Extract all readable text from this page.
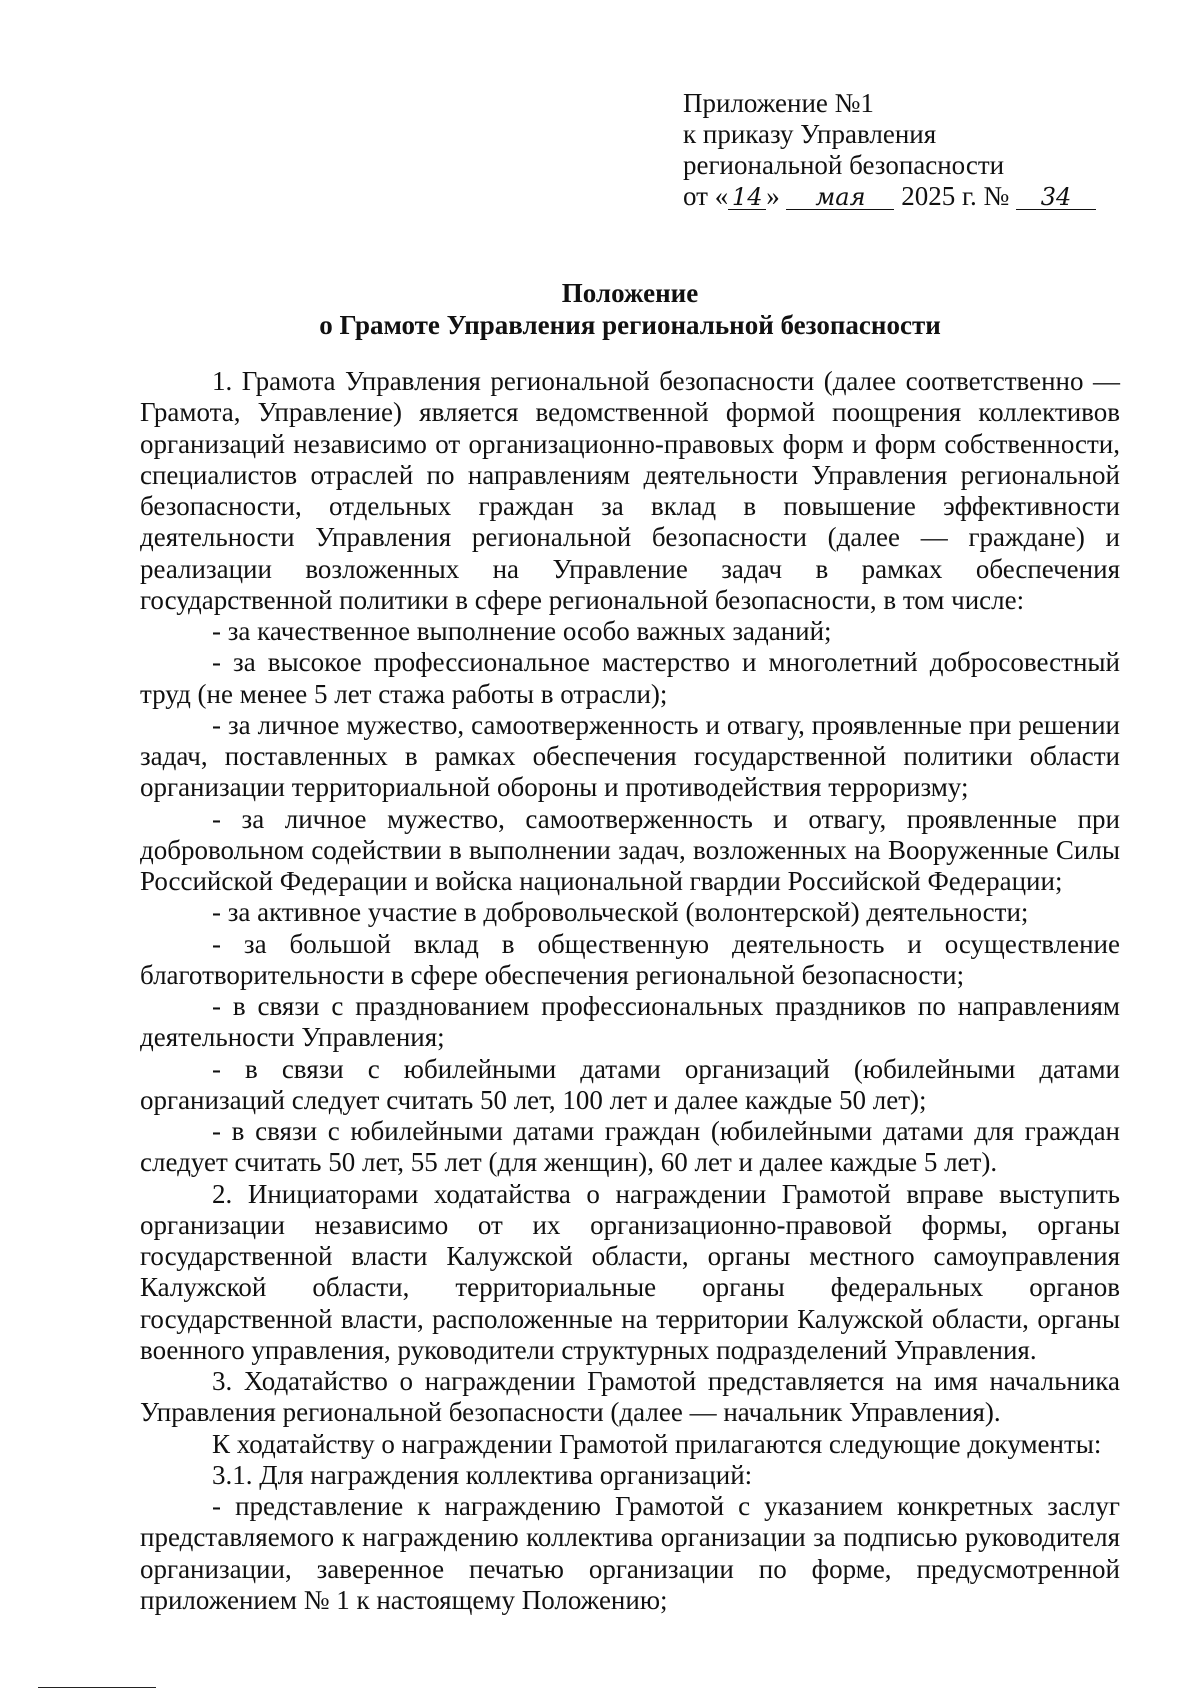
Приложение №1
к приказу Управления
региональной безопасности
от « 14 » мая 2025 г. № 34
Положение
о Грамоте Управления региональной безопасности

1. Грамота Управления региональной безопасности (далее соответственно — Грамота, Управление) является ведомственной формой поощрения коллективов организаций независимо от организационно-правовых форм и форм собственности, специалистов отраслей по направлениям деятельности Управления региональной безопасности, отдельных граждан за вклад в повышение эффективности деятельности Управления региональной безопасности (далее — граждане) и реализации возложенных на Управление задач в рамках обеспечения государственной политики в сфере региональной безопасности, в том числе:

- за качественное выполнение особо важных заданий;

- за высокое профессиональное мастерство и многолетний добросовестный труд (не менее 5 лет стажа работы в отрасли);

- за личное мужество, самоотверженность и отвагу, проявленные при решении задач, поставленных в рамках обеспечения государственной политики области организации территориальной обороны и противодействия терроризму;

- за личное мужество, самоотверженность и отвагу, проявленные при добровольном содействии в выполнении задач, возложенных на Вооруженные Силы Российской Федерации и войска национальной гвардии Российской Федерации;

- за активное участие в добровольческой (волонтерской) деятельности;

- за большой вклад в общественную деятельность и осуществление благотворительности в сфере обеспечения региональной безопасности;

- в связи с празднованием профессиональных праздников по направлениям деятельности Управления;

- в связи с юбилейными датами организаций (юбилейными датами организаций следует считать 50 лет, 100 лет и далее каждые 50 лет);

- в связи с юбилейными датами граждан (юбилейными датами для граждан следует считать 50 лет, 55 лет (для женщин), 60 лет и далее каждые 5 лет).

2. Инициаторами ходатайства о награждении Грамотой вправе выступить организации независимо от их организационно-правовой формы, органы государственной власти Калужской области, органы местного самоуправления Калужской области, территориальные органы федеральных органов государственной власти, расположенные на территории Калужской области, органы военного управления, руководители структурных подразделений Управления.

3. Ходатайство о награждении Грамотой представляется на имя начальника Управления региональной безопасности (далее — начальник Управления).

К ходатайству о награждении Грамотой прилагаются следующие документы:

3.1. Для награждения коллектива организаций:

- представление к награждению Грамотой с указанием конкретных заслуг представляемого к награждению коллектива организации за подписью руководителя организации, заверенное печатью организации по форме, предусмотренной приложением № 1 к настоящему Положению;
